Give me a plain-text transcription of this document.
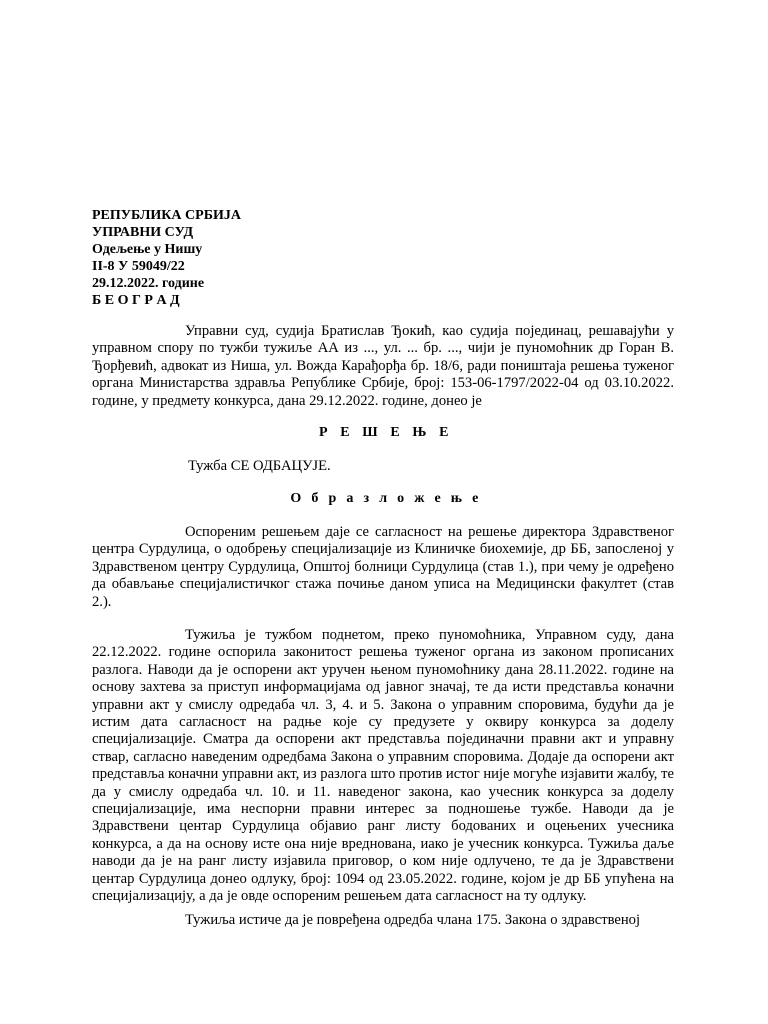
РЕПУБЛИКА СРБИЈА
УПРАВНИ СУД
Одељење у Нишу
II-8 У 59049/22
29.12.2022. године
Б Е О Г Р А Д
Управни суд, судија Братислав Ђокић, као судија појединац, решавајући у управном спору по тужби тужиље АА из ..., ул. ... бр. ..., чији је пуномоћник др Горан В. Ђорђевић, адвокат из Ниша, ул. Вожда Карађорђа бр. 18/6, ради поништаја решења туженог органа Министарства здравља Републике Србије, број: 153-06-1797/2022-04 од 03.10.2022. године, у предмету конкурса, дана 29.12.2022. године, донео је
Р Е Ш Е Њ Е
Тужба СЕ ОДБАЦУЈЕ.
О б р а з л о ж е њ е
Оспореним решењем даје се сагласност на решење директора Здравственог центра Сурдулица, о одобрењу специјализације из Клиничке биохемије, др ББ, запосленој у Здравственом центру Сурдулица, Општој болници Сурдулица (став 1.), при чему је одређено да обављање специјалистичког стажа почиње даном уписа на Медицински факултет (став 2.).
Тужиља је тужбом поднетом, преко пуномоћника, Управном суду, дана 22.12.2022. године оспорила законитост решења туженог органа из законом прописаних разлога. Наводи да је оспорени акт уручен њеном пуномоћнику дана 28.11.2022. године на основу захтева за приступ информацијама од јавног значај, те да исти представља коначни управни акт у смислу одредаба чл. 3, 4. и 5. Закона о управним споровима, будући да је истим дата сагласност на радње које су предузете у оквиру конкурса за доделу специјализације. Сматра да оспорени акт представља појединачни правни акт и управну ствар, сагласно наведеним одредбама Закона о управним споровима. Додаје да оспорени акт представља коначни управни акт, из разлога што против истог није могуће изјавити жалбу, те да у смислу одредаба чл. 10. и 11. наведеног закона, као учесник конкурса за доделу специјализације, има неспорни правни интерес за подношење тужбе. Наводи да је Здравствени центар Сурдулица објавио ранг листу бодованих и оцењених учесника конкурса, а да на основу исте она није вреднована, иако је учесник конкурса. Тужиља даље наводи да је на ранг листу изјавила приговор, о ком није одлучено, те да је Здравствени центар Сурдулица донео одлуку, број: 1094 од 23.05.2022. године, којом је др ББ упућена на специјализацију, а да је овде оспореним решењем дата сагласност на ту одлуку.
Тужиља истиче да је повређена одредба члана 175. Закона о здравственој
